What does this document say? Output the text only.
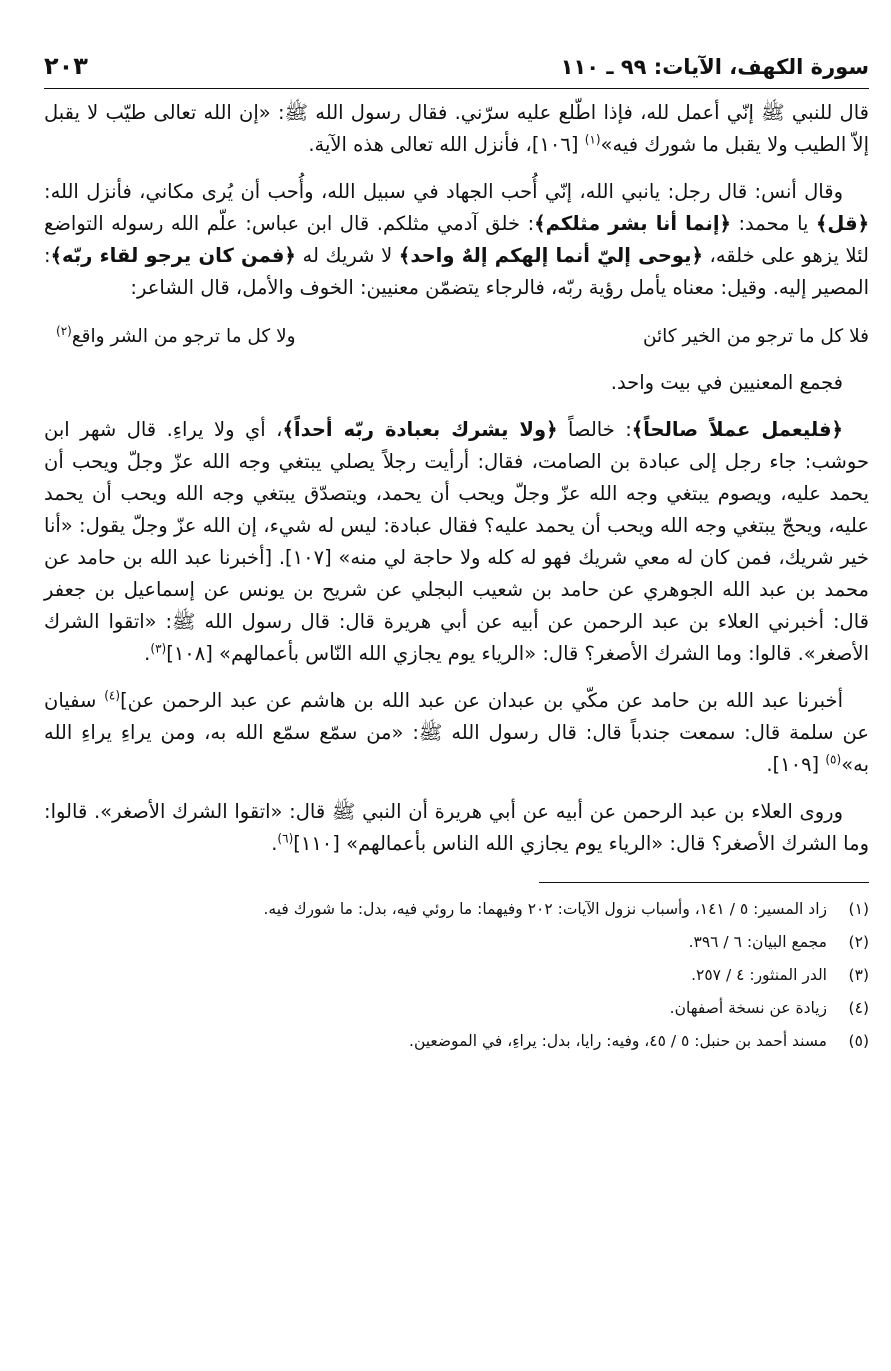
سورة الكهف، الآيات: ٩٩ ـ ١١٠
٢٠٣

قال للنبي ﷺ إنّي أعمل لله، فإذا اطّلع عليه سرّني. فقال رسول الله ﷺ: «إن الله تعالى طيّب لا يقبل إلاّ الطيب ولا يقبل ما شورك فيه»$^{(١)}$ [١٠٦]، فأنزل الله تعالى هذه الآية.

وقال أنس: قال رجل: يانبي الله، إنّي أُحب الجهاد في سبيل الله، وأُحب أن يُرى مكاني، فأنزل الله: ﴿قل﴾ يا محمد: ﴿إنما أنا بشر مثلكم﴾: خلق آدمي مثلكم. قال ابن عباس: علّم الله رسوله التواضع لئلا يزهو على خلقه، ﴿يوحى إليّ أنما إلهكم إلهٌ واحد﴾ لا شريك له ﴿فمن كان يرجو لقاء ربّه﴾: المصير إليه. وقيل: معناه يأمل رؤية ربّه، فالرجاء يتضمّن معنيين: الخوف والأمل، قال الشاعر:

فلا كل ما ترجو من الخير كائن
ولا كل ما ترجو من الشر واقع$^{(٢)}$

فجمع المعنيين في بيت واحد.

﴿فليعمل عملاً صالحاً﴾: خالصاً ﴿ولا يشرك بعبادة ربّه أحداً﴾، أي ولا يراءِ. قال شهر ابن حوشب: جاء رجل إلى عبادة بن الصامت، فقال: أرأيت رجلاً يصلي يبتغي وجه الله عزّ وجلّ ويحب أن يحمد عليه، ويصوم يبتغي وجه الله عزّ وجلّ ويحب أن يحمد، ويتصدّق يبتغي وجه الله ويحب أن يحمد عليه، ويحجّ يبتغي وجه الله ويحب أن يحمد عليه؟ فقال عبادة: ليس له شيء، إن الله عزّ وجلّ يقول: «أنا خير شريك، فمن كان له معي شريك فهو له كله ولا حاجة لي منه» [١٠٧]. [أخبرنا عبد الله بن حامد عن محمد بن عبد الله الجوهري عن حامد بن شعيب البجلي عن شريح بن يونس عن إسماعيل بن جعفر قال: أخبرني العلاء بن عبد الرحمن عن أبيه عن أبي هريرة قال: قال رسول الله ﷺ: «اتقوا الشرك الأصغر». قالوا: وما الشرك الأصغر؟ قال: «الرياء يوم يجازي الله النّاس بأعمالهم» [١٠٨]$^{(٣)}$.

أخبرنا عبد الله بن حامد عن مكّي بن عبدان عن عبد الله بن هاشم عن عبد الرحمن عن]$^{(٤)}$ سفيان عن سلمة قال: سمعت جندباً قال: قال رسول الله ﷺ: «من سمّع سمّع الله به، ومن يراءِ يراءِ الله به»$^{(٥)}$ [١٠٩].

وروى العلاء بن عبد الرحمن عن أبيه عن أبي هريرة أن النبي ﷺ قال: «اتقوا الشرك الأصغر». قالوا: وما الشرك الأصغر؟ قال: «الرياء يوم يجازي الله الناس بأعمالهم» [١١٠]$^{(٦)}$.

(١)
زاد المسير: ٥ / ١٤١، وأسباب نزول الآيات: ٢٠٢ وفيهما: ما روئي فيه، بدل: ما شورك فيه.
(٢)
مجمع البيان: ٦ / ٣٩٦.
(٣)
الدر المنثور: ٤ / ٢٥٧.
(٤)
زيادة عن نسخة أصفهان.
(٥)
مسند أحمد بن حنبل: ٥ / ٤٥، وفيه: رايا، بدل: يراءِ، في الموضعين.
